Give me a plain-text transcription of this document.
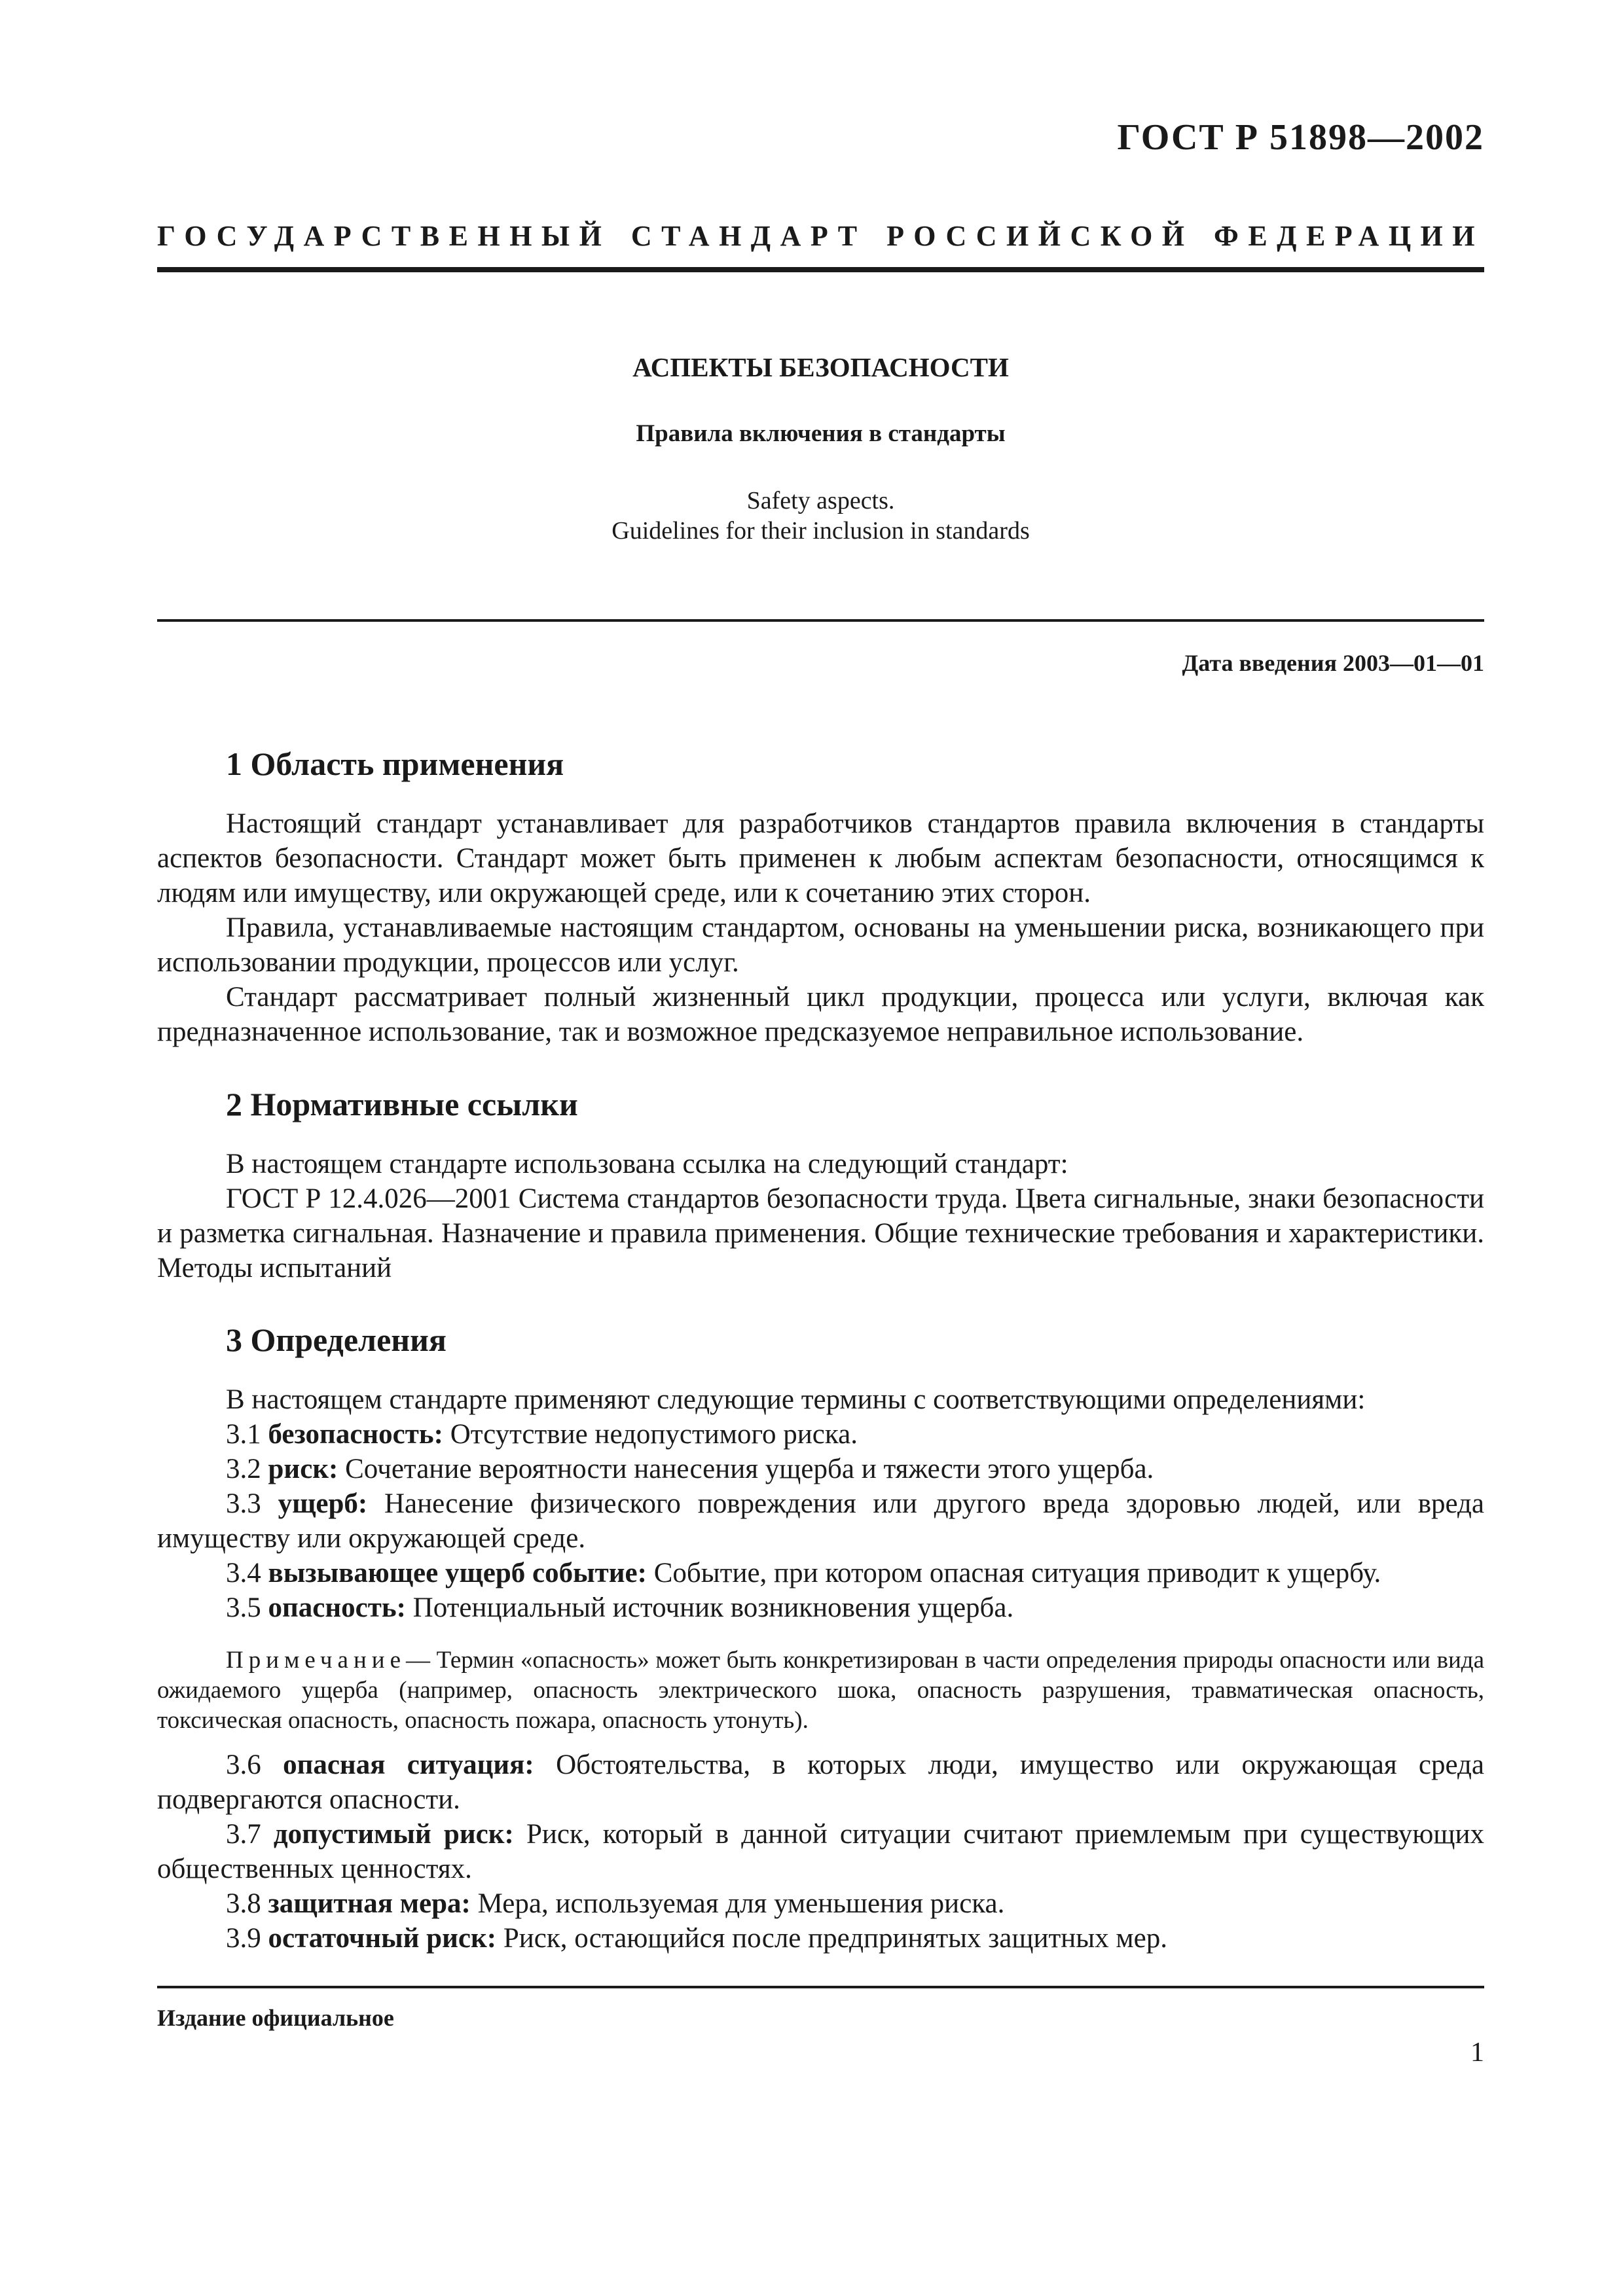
ГОСТ Р 51898—2002
ГОСУДАРСТВЕННЫЙ СТАНДАРТ РОССИЙСКОЙ ФЕДЕРАЦИИ
АСПЕКТЫ БЕЗОПАСНОСТИ
Правила включения в стандарты
Safety aspects.
Guidelines for their inclusion in standards
Дата введения 2003—01—01
1 Область применения

Настоящий стандарт устанавливает для разработчиков стандартов правила включения в стандарты аспектов безопасности. Стандарт может быть применен к любым аспектам безопасности, относящимся к людям или имуществу, или окружающей среде, или к сочетанию этих сторон.

Правила, устанавливаемые настоящим стандартом, основаны на уменьшении риска, возникающего при использовании продукции, процессов или услуг.

Стандарт рассматривает полный жизненный цикл продукции, процесса или услуги, включая как предназначенное использование, так и возможное предсказуемое неправильное использование.

2 Нормативные ссылки

В настоящем стандарте использована ссылка на следующий стандарт:

ГОСТ Р 12.4.026—2001 Система стандартов безопасности труда. Цвета сигнальные, знаки безопасности и разметка сигнальная. Назначение и правила применения. Общие технические требования и характеристики. Методы испытаний

3 Определения

В настоящем стандарте применяют следующие термины с соответствующими определениями:

3.1 безопасность: Отсутствие недопустимого риска.

3.2 риск: Сочетание вероятности нанесения ущерба и тяжести этого ущерба.

3.3 ущерб: Нанесение физического повреждения или другого вреда здоровью людей, или вреда имуществу или окружающей среде.

3.4 вызывающее ущерб событие: Событие, при котором опасная ситуация приводит к ущербу.

3.5 опасность: Потенциальный источник возникновения ущерба.

Примечание— Термин «опасность» может быть конкретизирован в части определения природы опасности или вида ожидаемого ущерба (например, опасность электрического шока, опасность разрушения, травматическая опасность, токсическая опасность, опасность пожара, опасность утонуть).

3.6 опасная ситуация: Обстоятельства, в которых люди, имущество или окружающая среда подвергаются опасности.

3.7 допустимый риск: Риск, который в данной ситуации считают приемлемым при существующих общественных ценностях.

3.8 защитная мера: Мера, используемая для уменьшения риска.

3.9 остаточный риск: Риск, остающийся после предпринятых защитных мер.

Издание официальное
1
